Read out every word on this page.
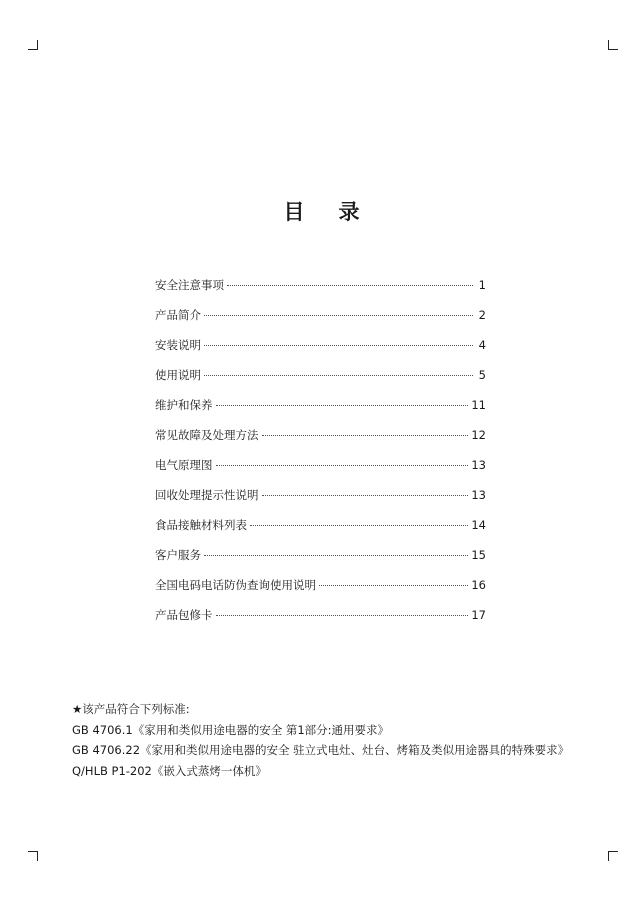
目 录
安全注意事项	1
产品简介	2
安装说明	4
使用说明	5
维护和保养	11
常见故障及处理方法	12
电气原理图	13
回收处理提示性说明	13
食品接触材料列表	14
客户服务	15
全国电码电话防伪查询使用说明	16
产品包修卡	17
★该产品符合下列标准:
GB 4706.1《家用和类似用途电器的安全 第1部分:通用要求》
GB 4706.22《家用和类似用途电器的安全 驻立式电灶、灶台、烤箱及类似用途器具的特殊要求》
Q/HLB P1-202《嵌入式蒸烤一体机》
